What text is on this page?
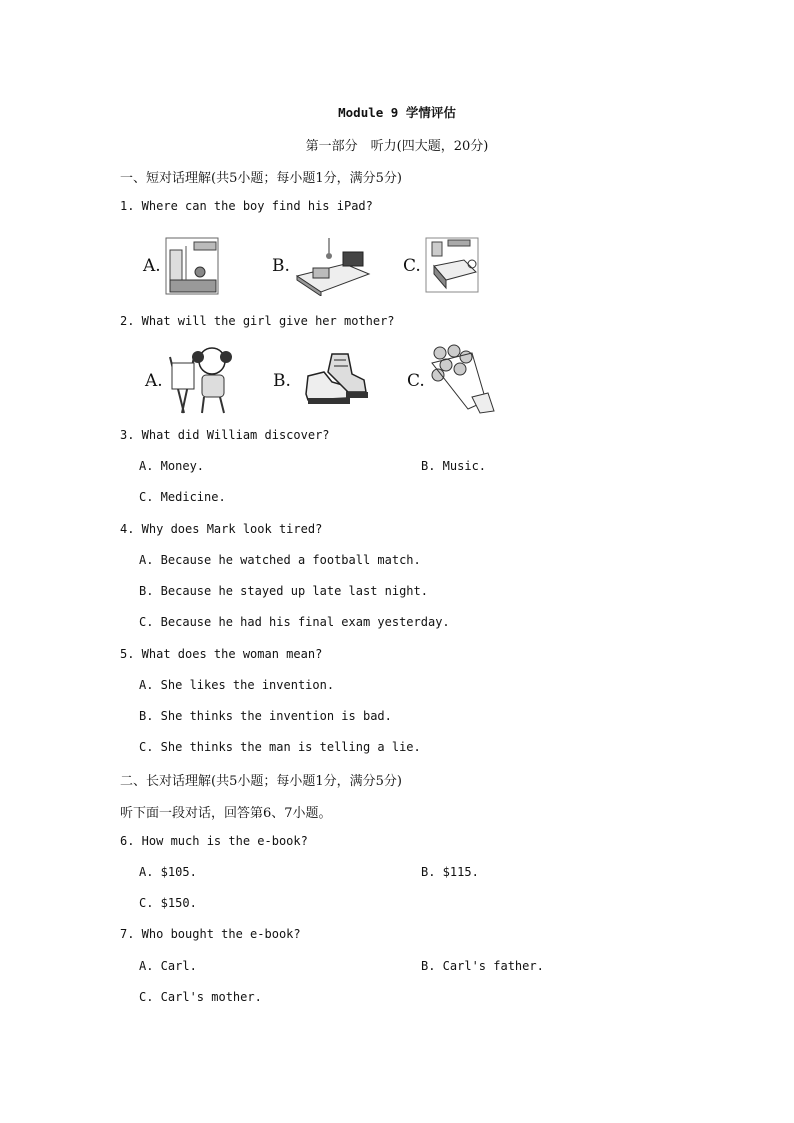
Module 9 学情评估
第一部分　听力(四大题，20分)
一、短对话理解(共5小题；每小题1分，满分5分)
1. Where can the boy find his iPad?
A.	B.	C.
2. What will the girl give her mother?
A.	B.	C.
3. What did William discover?
A. Money.	B. Music.
C. Medicine.
4. Why does Mark look tired?
A. Because he watched a football match.
B. Because he stayed up late last night.
C. Because he had his final exam yesterday.
5. What does the woman mean?
A. She likes the invention.
B. She thinks the invention is bad.
C. She thinks the man is telling a lie.
二、长对话理解(共5小题；每小题1分，满分5分)
听下面一段对话，回答第6、7小题。
6. How much is the e-book?
A. $105.	B. $115.
C. $150.
7. Who bought the e-book?
A. Carl.	B. Carl's father.
C. Carl's mother.
